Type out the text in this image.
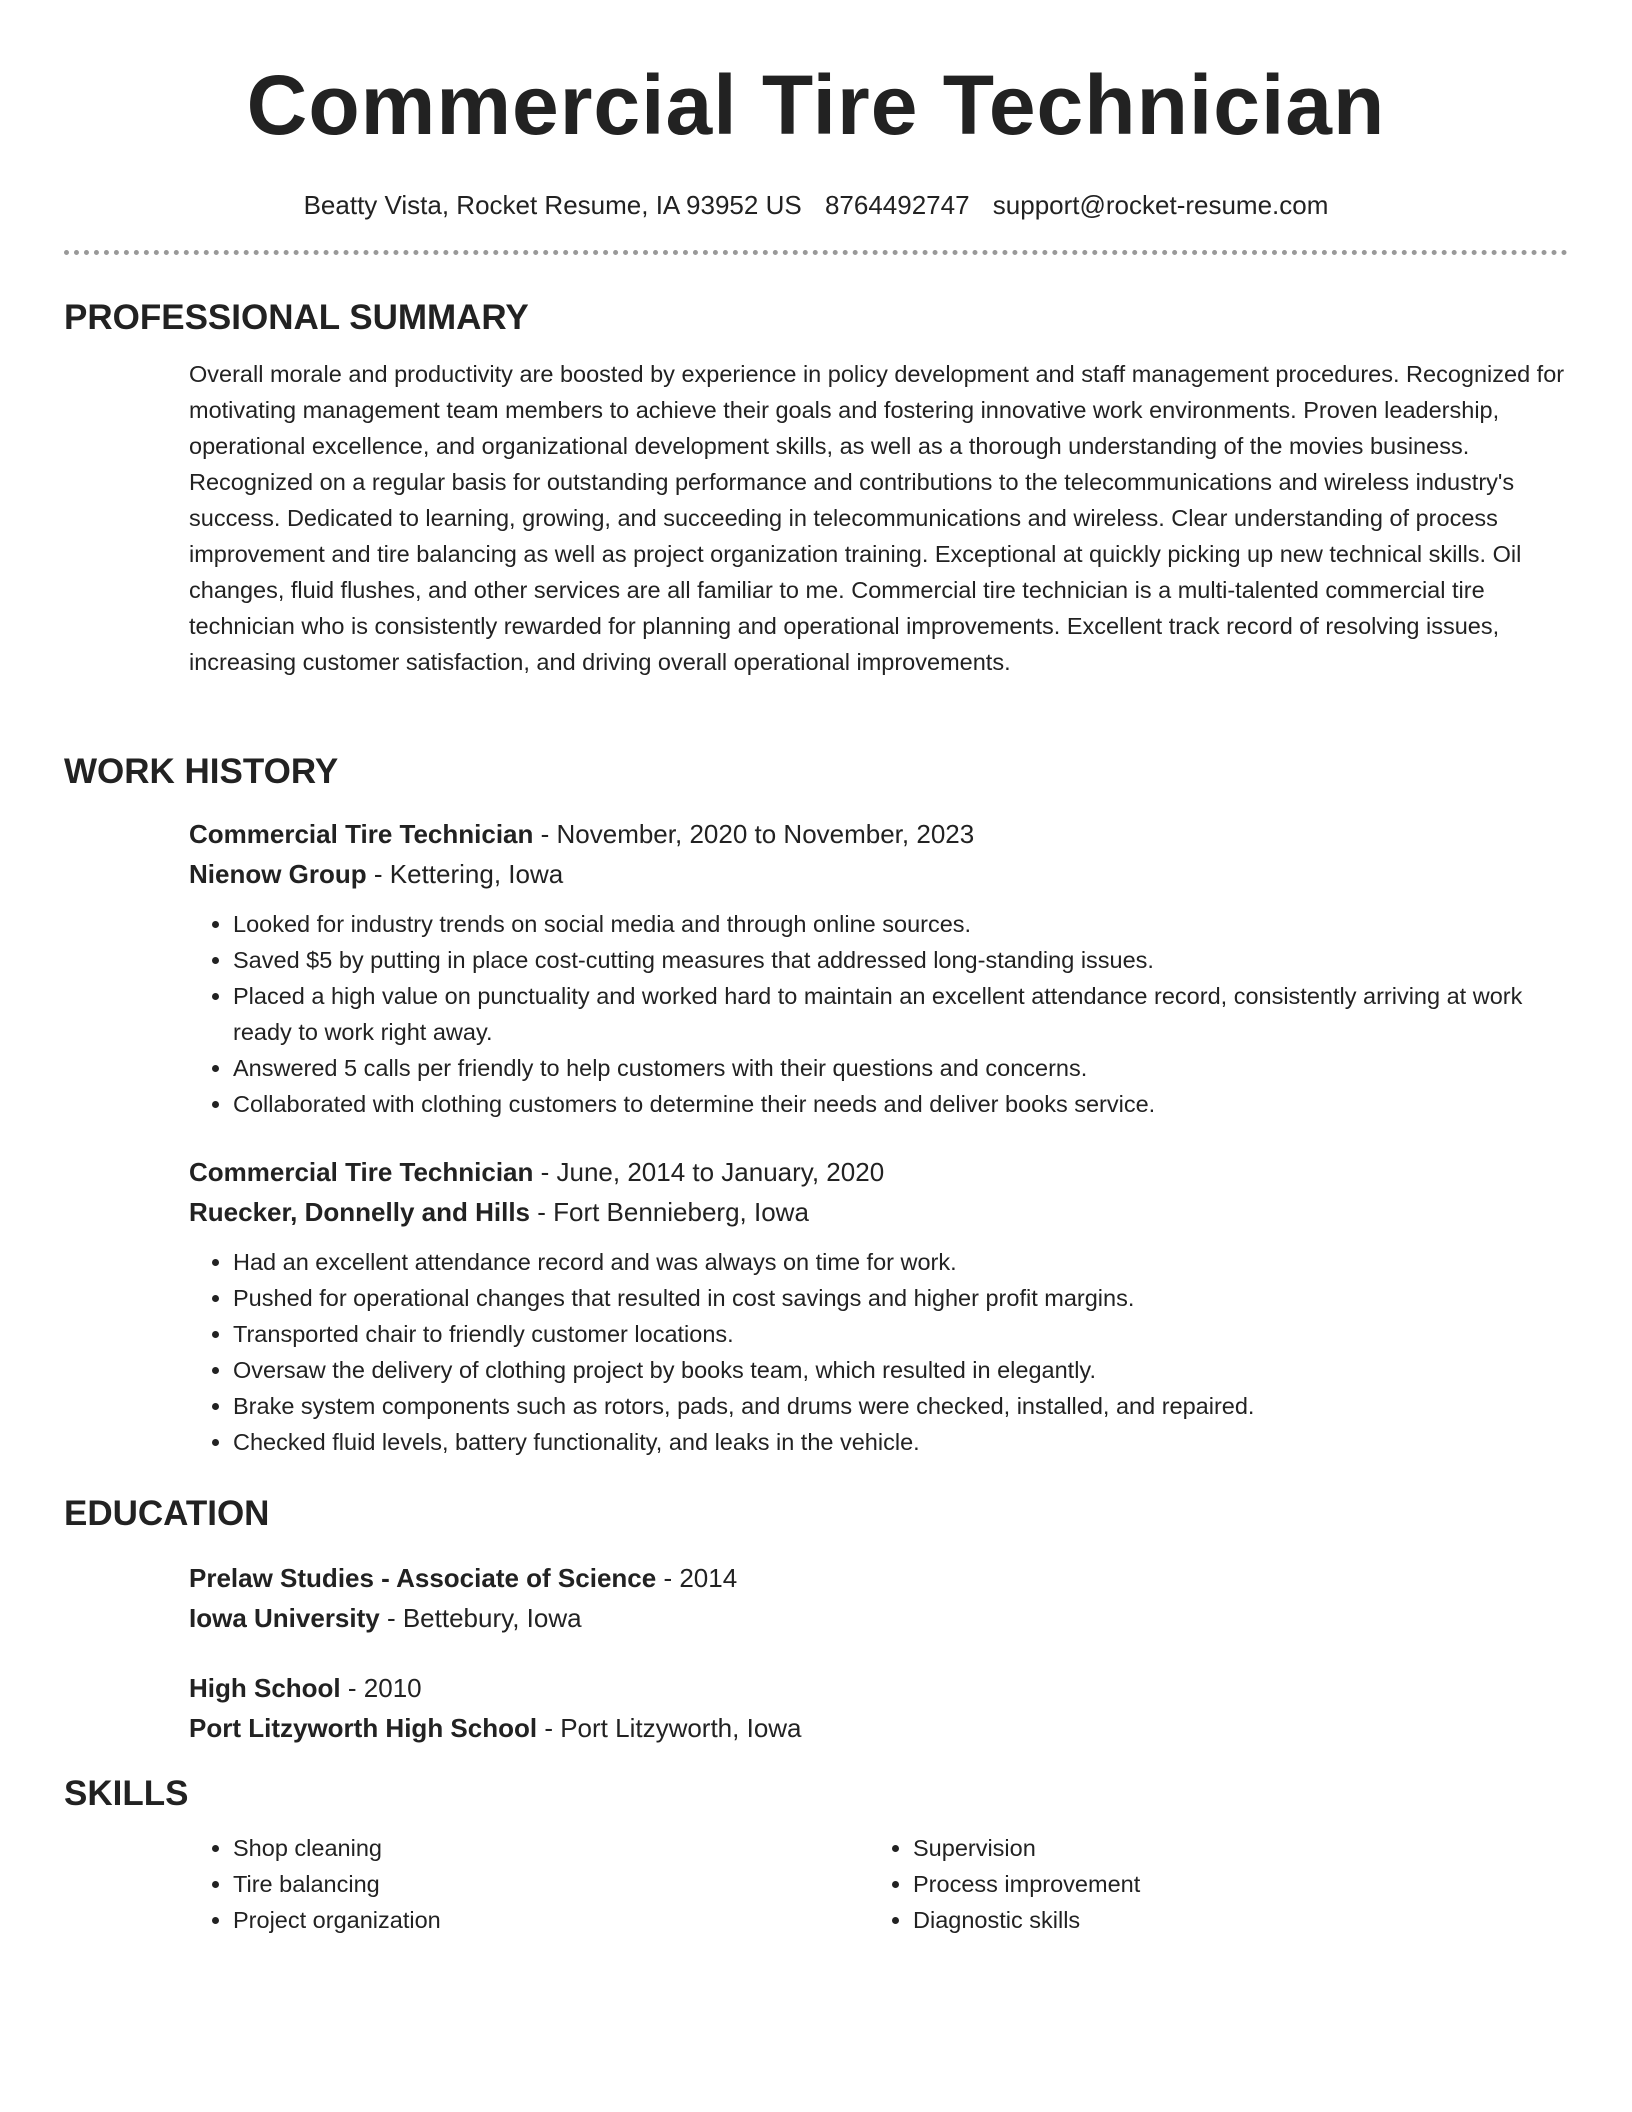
Commercial Tire Technician
Beatty Vista, Rocket Resume, IA 93952 US 8764492747 support@rocket-resume.com
PROFESSIONAL SUMMARY

Overall morale and productivity are boosted by experience in policy development and staff management procedures. Recognized for motivating management team members to achieve their goals and fostering innovative work environments. Proven leadership, operational excellence, and organizational development skills, as well as a thorough understanding of the movies business. Recognized on a regular basis for outstanding performance and contributions to the telecommunications and wireless industry's success. Dedicated to learning, growing, and succeeding in telecommunications and wireless. Clear understanding of process improvement and tire balancing as well as project organization training. Exceptional at quickly picking up new technical skills. Oil changes, fluid flushes, and other services are all familiar to me. Commercial tire technician is a multi-talented commercial tire technician who is consistently rewarded for planning and operational improvements. Excellent track record of resolving issues, increasing customer satisfaction, and driving overall operational improvements.

WORK HISTORY
Commercial Tire Technician - November, 2020 to November, 2023
Nienow Group - Kettering, Iowa
• Looked for industry trends on social media and through online sources.
• Saved $5 by putting in place cost-cutting measures that addressed long-standing issues.
• Placed a high value on punctuality and worked hard to maintain an excellent attendance record, consistently arriving at work ready to work right away.
• Answered 5 calls per friendly to help customers with their questions and concerns.
• Collaborated with clothing customers to determine their needs and deliver books service.
Commercial Tire Technician - June, 2014 to January, 2020
Ruecker, Donnelly and Hills - Fort Bennieberg, Iowa
• Had an excellent attendance record and was always on time for work.
• Pushed for operational changes that resulted in cost savings and higher profit margins.
• Transported chair to friendly customer locations.
• Oversaw the delivery of clothing project by books team, which resulted in elegantly.
• Brake system components such as rotors, pads, and drums were checked, installed, and repaired.
• Checked fluid levels, battery functionality, and leaks in the vehicle.
EDUCATION
Prelaw Studies - Associate of Science - 2014
Iowa University - Bettebury, Iowa
High School - 2010
Port Litzyworth High School - Port Litzyworth, Iowa
SKILLS
• Shop cleaning
• Tire balancing
• Project organization
• Supervision
• Process improvement
• Diagnostic skills
